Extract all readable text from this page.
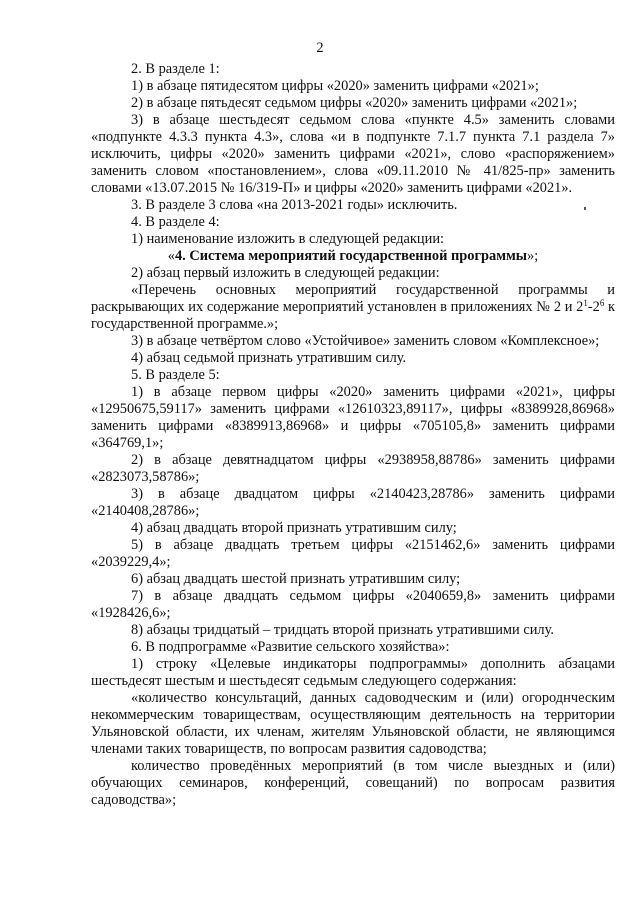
2

2. В разделе 1:

1) в абзаце пятидесятом цифры «2020» заменить цифрами «2021»;

2) в абзаце пятьдесят седьмом цифры «2020» заменить цифрами «2021»;

3) в абзаце шестьдесят седьмом слова «пункте 4.5» заменить словами «подпункте 4.3.3 пункта 4.3», слова «и в подпункте 7.1.7 пункта 7.1 раздела 7» исключить, цифры «2020» заменить цифрами «2021», слово «распоряжением» заменить словом «постановлением», слова «09.11.2010 № 41/825-пр» заменить словами «13.07.2015 № 16/319-П» и цифры «2020» заменить цифрами «2021».

3. В разделе 3 слова «на 2013-2021 годы» исключить.

4. В разделе 4:

1) наименование изложить в следующей редакции:

«4. Система мероприятий государственной программы»;

2) абзац первый изложить в следующей редакции:

«Перечень основных мероприятий государственной программы и раскрывающих их содержание мероприятий установлен в приложениях № 2 и $2^1-2^6$ к государственной программе.»;

3) в абзаце четвёртом слово «Устойчивое» заменить словом «Комплексное»;

4) абзац седьмой признать утратившим силу.

5. В разделе 5:

1) в абзаце первом цифры «2020» заменить цифрами «2021», цифры «12950675,59117» заменить цифрами «12610323,89117», цифры «8389928,86968» заменить цифрами «8389913,86968» и цифры «705105,8» заменить цифрами «364769,1»;

2) в абзаце девятнадцатом цифры «2938958,88786» заменить цифрами «2823073,58786»;

3) в абзаце двадцатом цифры «2140423,28786» заменить цифрами «2140408,28786»;

4) абзац двадцать второй признать утратившим силу;

5) в абзаце двадцать третьем цифры «2151462,6» заменить цифрами «2039229,4»;

6) абзац двадцать шестой признать утратившим силу;

7) в абзаце двадцать седьмом цифры «2040659,8» заменить цифрами «1928426,6»;

8) абзацы тридцатый – тридцать второй признать утратившими силу.

6. В подпрограмме «Развитие сельского хозяйства»:

1) строку «Целевые индикаторы подпрограммы» дополнить абзацами шестьдесят шестым и шестьдесят седьмым следующего содержания:

«количество консультаций, данных садоводческим и (или) огороднческим некоммерческим товариществам, осуществляющим деятельность на территории Ульяновской области, их членам, жителям Ульяновской области, не являющимся членами таких товариществ, по вопросам развития садоводства;

количество проведённых мероприятий (в том числе выездных и (или) обучающих семинаров, конференций, совещаний) по вопросам развития садоводства»;
